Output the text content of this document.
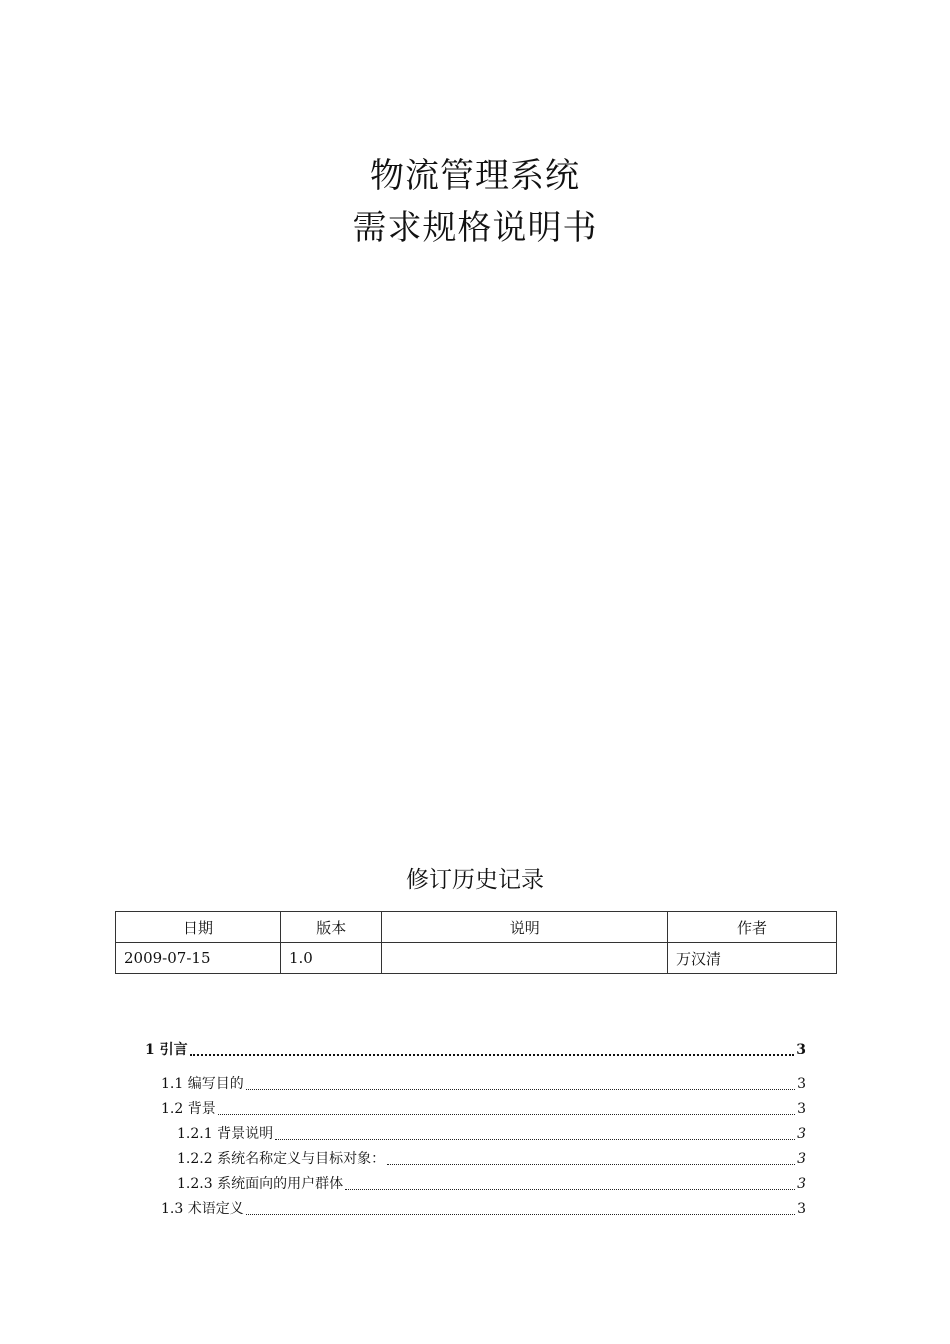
物流管理系统
需求规格说明书
修订历史记录
日期	版本	说明	作者
2009-07-15	1.0		万汉清
1 引言	3
1.1 编写目的	3
1.2 背景	3
1.2.1 背景说明	3
1.2.2 系统名称定义与目标对象：	3
1.2.3 系统面向的用户群体	3
1.3 术语定义	3
